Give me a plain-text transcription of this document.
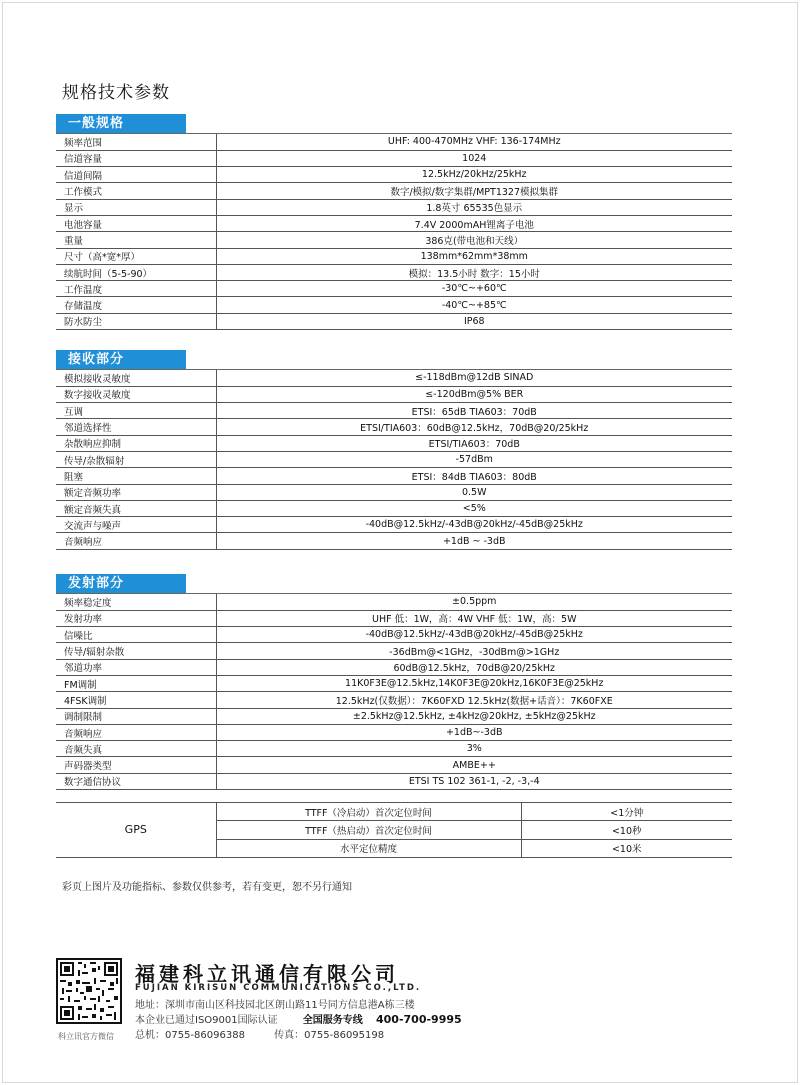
规格技术参数
一般规格
频率范围	UHF: 400-470MHz VHF: 136-174MHz
信道容量	1024
信道间隔	12.5kHz/20kHz/25kHz
工作模式	数字/模拟/数字集群/MPT1327模拟集群
显示	1.8英寸 65535色显示
电池容量	7.4V 2000mAH锂离子电池
重量	386克(带电池和天线）
尺寸（高*宽*厚）	138mm*62mm*38mm
续航时间（5-5-90）	模拟：13.5小时 数字：15小时
工作温度	-30℃~+60℃
存储温度	-40℃~+85℃
防水防尘	IP68
接收部分
模拟接收灵敏度	≤-118dBm@12dB SINAD
数字接收灵敏度	≤-120dBm@5% BER
互调	ETSI：65dB TIA603：70dB
邻道选择性	ETSI/TIA603：60dB@12.5kHz，70dB@20/25kHz
杂散响应抑制	ETSI/TIA603：70dB
传导/杂散辐射	-57dBm
阻塞	ETSI：84dB TIA603：80dB
额定音频功率	0.5W
额定音频失真	<5%
交流声与噪声	-40dB@12.5kHz/-43dB@20kHz/-45dB@25kHz
音频响应	+1dB ~ -3dB
发射部分
频率稳定度	±0.5ppm
发射功率	UHF 低：1W，高：4W VHF 低：1W，高：5W
信噪比	-40dB@12.5kHz/-43dB@20kHz/-45dB@25kHz
传导/辐射杂散	-36dBm@<1GHz，-30dBm@>1GHz
邻道功率	60dB@12.5kHz，70dB@20/25kHz
FM调制	11K0F3E@12.5kHz,14K0F3E@20kHz,16K0F3E@25kHz
4FSK调制	12.5kHz(仅数据）：7K60FXD 12.5kHz(数据+话音）：7K60FXE
调制限制	±2.5kHz@12.5kHz, ±4kHz@20kHz, ±5kHz@25kHz
音频响应	+1dB~-3dB
音频失真	3%
声码器类型	AMBE++
数字通信协议	ETSI TS 102 361-1, -2, -3,-4
GPS	TTFF（冷启动）首次定位时间	<1分钟
	TTFF（热启动）首次定位时间	<10秒
	水平定位精度	<10米
彩页上图片及功能指标、参数仅供参考，若有变更，恕不另行通知
科立讯官方微信
福建科立讯通信有限公司
FUJIAN KIRISUN COMMUNICATIONS CO.,LTD.
地址：深圳市南山区科技园北区朗山路11号同方信息港A栋三楼
本企业已通过ISO9001国际认证	全国服务专线 400-700-9995
总机：0755-86096388	传真：0755-86095198
